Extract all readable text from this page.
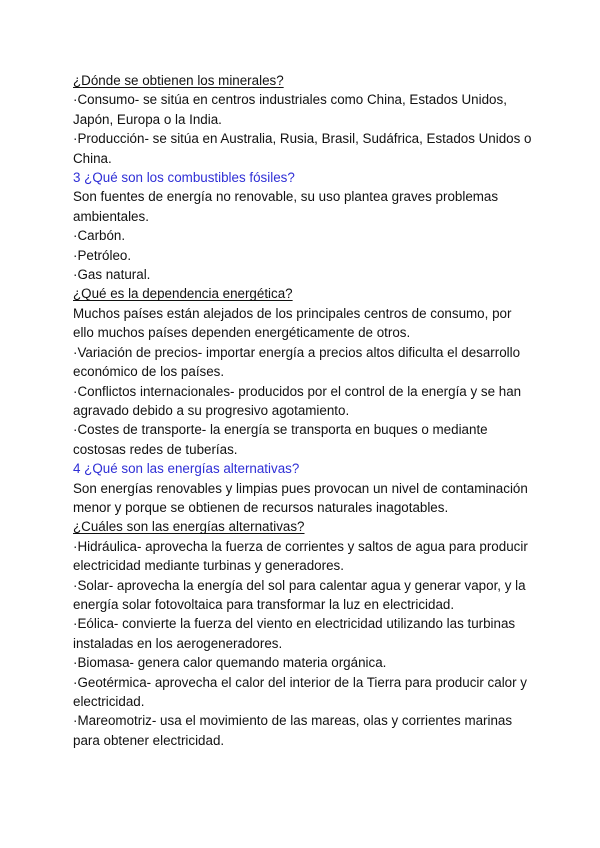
¿Dónde se obtienen los minerales?

·Consumo- se sitúa en centros industriales como China, Estados Unidos, Japón, Europa o la India.

·Producción- se sitúa en Australia, Rusia, Brasil, Sudáfrica, Estados Unidos o China.

3 ¿Qué son los combustibles fósiles?

Son fuentes de energía no renovable, su uso plantea graves problemas ambientales.

·Carbón.

·Petróleo.

·Gas natural.

¿Qué es la dependencia energética?

Muchos países están alejados de los principales centros de consumo, por ello muchos países dependen energéticamente de otros.

·Variación de precios- importar energía a precios altos dificulta el desarrollo económico de los países.

·Conflictos internacionales- producidos por el control de la energía y se han agravado debido a su progresivo agotamiento.

·Costes de transporte- la energía se transporta en buques o mediante costosas redes de tuberías.

4 ¿Qué son las energías alternativas?

Son energías renovables y limpias pues provocan un nivel de contaminación menor y porque se obtienen de recursos naturales inagotables.

¿Cuáles son las energías alternativas?

·Hidráulica- aprovecha la fuerza de corrientes y saltos de agua para producir electricidad mediante turbinas y generadores.

·Solar- aprovecha la energía del sol para calentar agua y generar vapor, y la energía solar fotovoltaica para transformar la luz en electricidad.

·Eólica- convierte la fuerza del viento en electricidad utilizando las turbinas instaladas en los aerogeneradores.

·Biomasa- genera calor quemando materia orgánica.

·Geotérmica- aprovecha el calor del interior de la Tierra para producir calor y electricidad.

·Mareomotriz- usa el movimiento de las mareas, olas y corrientes marinas para obtener electricidad.
